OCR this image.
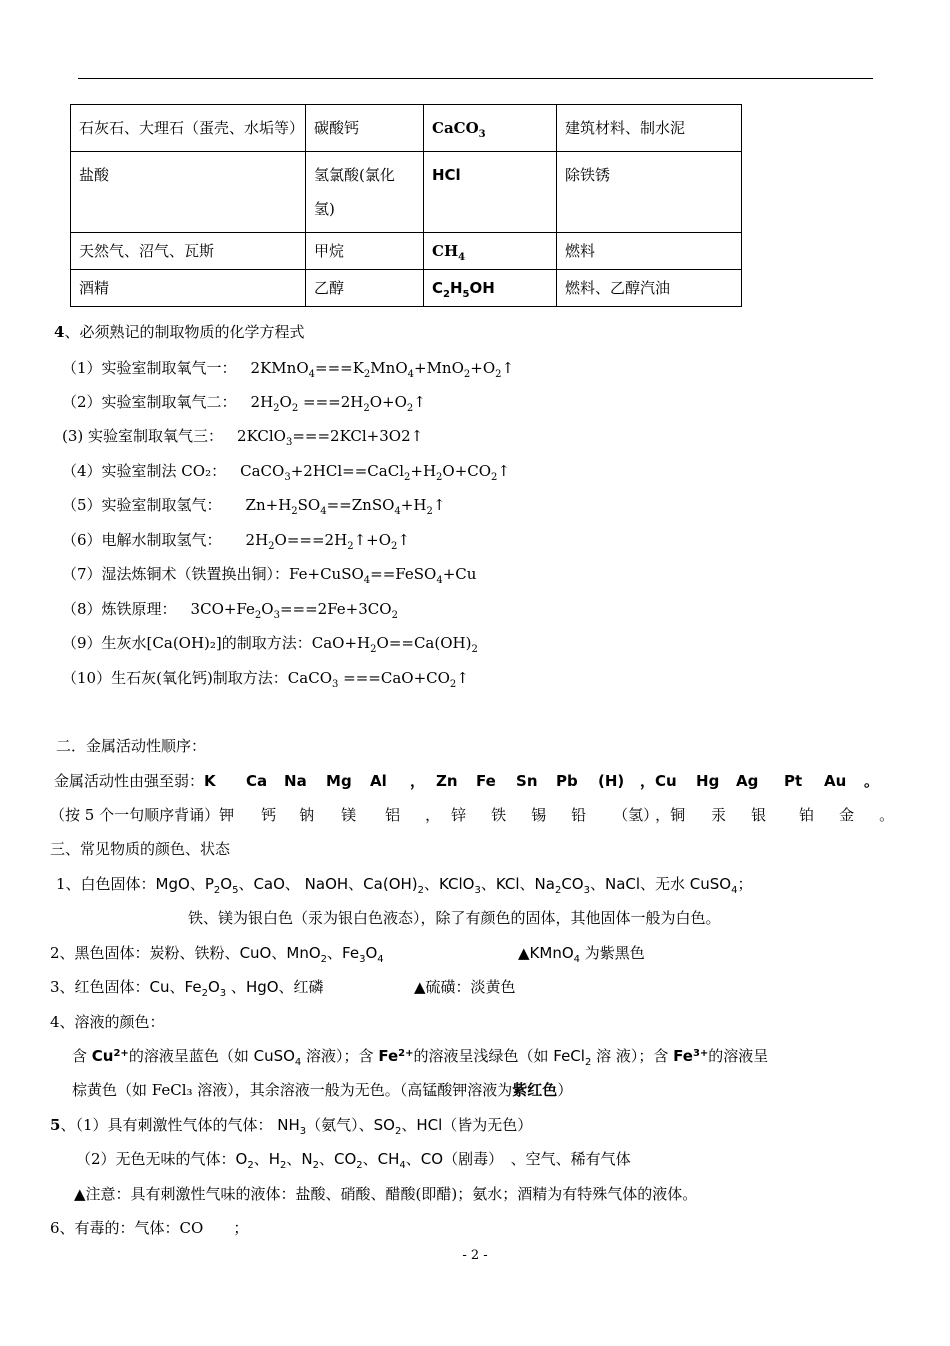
石灰石、大理石（蛋壳、水垢等）	碳酸钙	CaCO$_3$	建筑材料、制水泥
盐酸	氢氯酸(氯化氢)	HCl	除铁锈
天然气、沼气、瓦斯	甲烷	$CH_4$	燃料
酒精	乙醇	$C_2H_5OH$	燃料、乙醇汽油
4、必须熟记的制取物质的化学方程式
（1）实验室制取氧气一： $2KMnO_4===K_2MnO_4+MnO_2+O_2↑$
（2）实验室制取氧气二： $2H_2O_2$ $===2H_2O+O_2↑$
(3) 实验室制取氧气三： 2KClO$_3$===2KCl+3O2↑
（4）实验室制法 CO₂： $CaCO_3+2HCl==CaCl_2+H_2O+CO_2↑$
（5）实验室制取氢气： $Zn+H_2SO_4==ZnSO_4+H_2↑$
（6）电解水制取氢气： $2H_2O===2H_2↑+O_2↑$
（7）湿法炼铜术（铁置换出铜）：Fe+CuSO$_4$==FeSO$_4$+Cu
（8）炼铁原理： $3CO+Fe_2O_3===2Fe+3CO_2$
（9）生灰水[Ca(OH)₂]的制取方法：$CaO+H_2O==Ca(OH)_2$
（10）生石灰(氧化钙)制取方法：CaCO$_3$ $===CaO+CO_2↑$
二．金属活动性顺序：
金属活动性由强至弱：K Ca Na Mg Al ， Zn Fe Sn Pb (H) ，Cu Hg Ag Pt Au 。
（按 5 个一句顺序背诵）钾 钙 钠 镁 铝 ， 锌 铁 锡 铅 （氢），铜 汞 银 铂 金 。
三、常见物质的颜色、状态
1、白色固体：MgO、$P_2O_5$、CaO、 NaOH、$Ca(OH)_2$、KClO$_3$、KCl、$Na_2CO_3$、NaCl、无水 CuSO$_4$；
铁、镁为银白色（汞为银白色液态），除了有颜色的固体，其他固体一般为白色。
2、黑色固体：炭粉、铁粉、CuO、MnO$_2$、$Fe_3O_4$	▲KMnO$_4$ 为紫黑色
3、红色固体：Cu、$Fe_2O_3$ 、HgO、红磷	▲硫磺：淡黄色
4、溶液的颜色：
含 $Cu^{2+}$的溶液呈蓝色（如 CuSO$_4$ 溶液）；含 $Fe^{2+}$的溶液呈浅绿色（如 FeCl$_2$ 溶 液）；含 $Fe^{3+}$的溶液呈
棕黄色（如 FeCl₃ 溶液），其余溶液一般为无色。（高锰酸钾溶液为紫红色）
5、（1）具有刺激性气体的气体： $NH_3$（氨气）、$SO_2$、HCl（皆为无色）
（2）无色无味的气体：$O_2$、$H_2$、$N_2$、$CO_2$、$CH_4$、CO（剧毒）　、空气、稀有气体
▲注意：具有刺激性气味的液体：盐酸、硝酸、醋酸(即醋)；氨水；酒精为有特殊气体的液体。
6、有毒的：气体：CO　　；
- 2 -
